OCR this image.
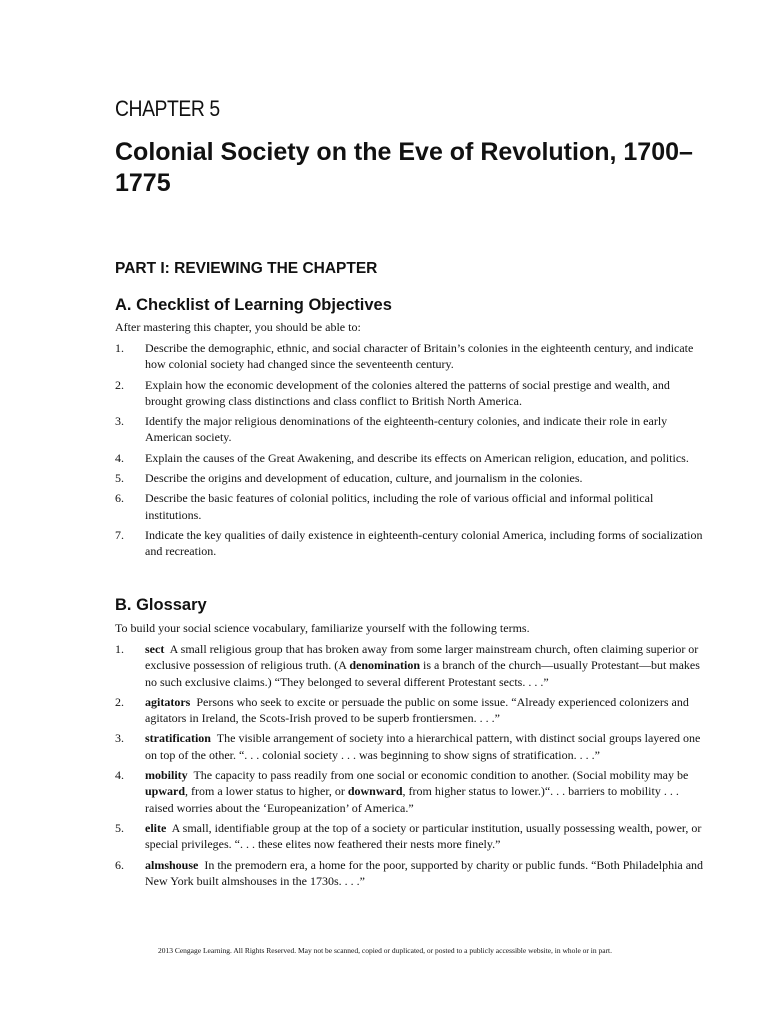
CHAPTER 5
Colonial Society on the Eve of Revolution, 1700–1775
PART I: REVIEWING THE CHAPTER
A. Checklist of Learning Objectives
After mastering this chapter, you should be able to:
1. Describe the demographic, ethnic, and social character of Britain’s colonies in the eighteenth century, and indicate how colonial society had changed since the seventeenth century.
2. Explain how the economic development of the colonies altered the patterns of social prestige and wealth, and brought growing class distinctions and class conflict to British North America.
3. Identify the major religious denominations of the eighteenth-century colonies, and indicate their role in early American society.
4. Explain the causes of the Great Awakening, and describe its effects on American religion, education, and politics.
5. Describe the origins and development of education, culture, and journalism in the colonies.
6. Describe the basic features of colonial politics, including the role of various official and informal political institutions.
7. Indicate the key qualities of daily existence in eighteenth-century colonial America, including forms of socialization and recreation.
B. Glossary
To build your social science vocabulary, familiarize yourself with the following terms.
1. sect A small religious group that has broken away from some larger mainstream church, often claiming superior or exclusive possession of religious truth. (A denomination is a branch of the church—usually Protestant—but makes no such exclusive claims.) “They belonged to several different Protestant sects. . . .”
2. agitators Persons who seek to excite or persuade the public on some issue. “Already experienced colonizers and agitators in Ireland, the Scots-Irish proved to be superb frontiersmen. . . .”
3. stratification The visible arrangement of society into a hierarchical pattern, with distinct social groups layered one on top of the other. “. . . colonial society . . . was beginning to show signs of stratification. . . .”
4. mobility The capacity to pass readily from one social or economic condition to another. (Social mobility may be upward, from a lower status to higher, or downward, from higher status to lower.)“. . . barriers to mobility . . . raised worries about the ‘Europeanization’ of America.”
5. elite A small, identifiable group at the top of a society or particular institution, usually possessing wealth, power, or special privileges. “. . . these elites now feathered their nests more finely.”
6. almshouse In the premodern era, a home for the poor, supported by charity or public funds. “Both Philadelphia and New York built almshouses in the 1730s. . . .”
2013 Cengage Learning. All Rights Reserved. May not be scanned, copied or duplicated, or posted to a publicly accessible website, in whole or in part.
